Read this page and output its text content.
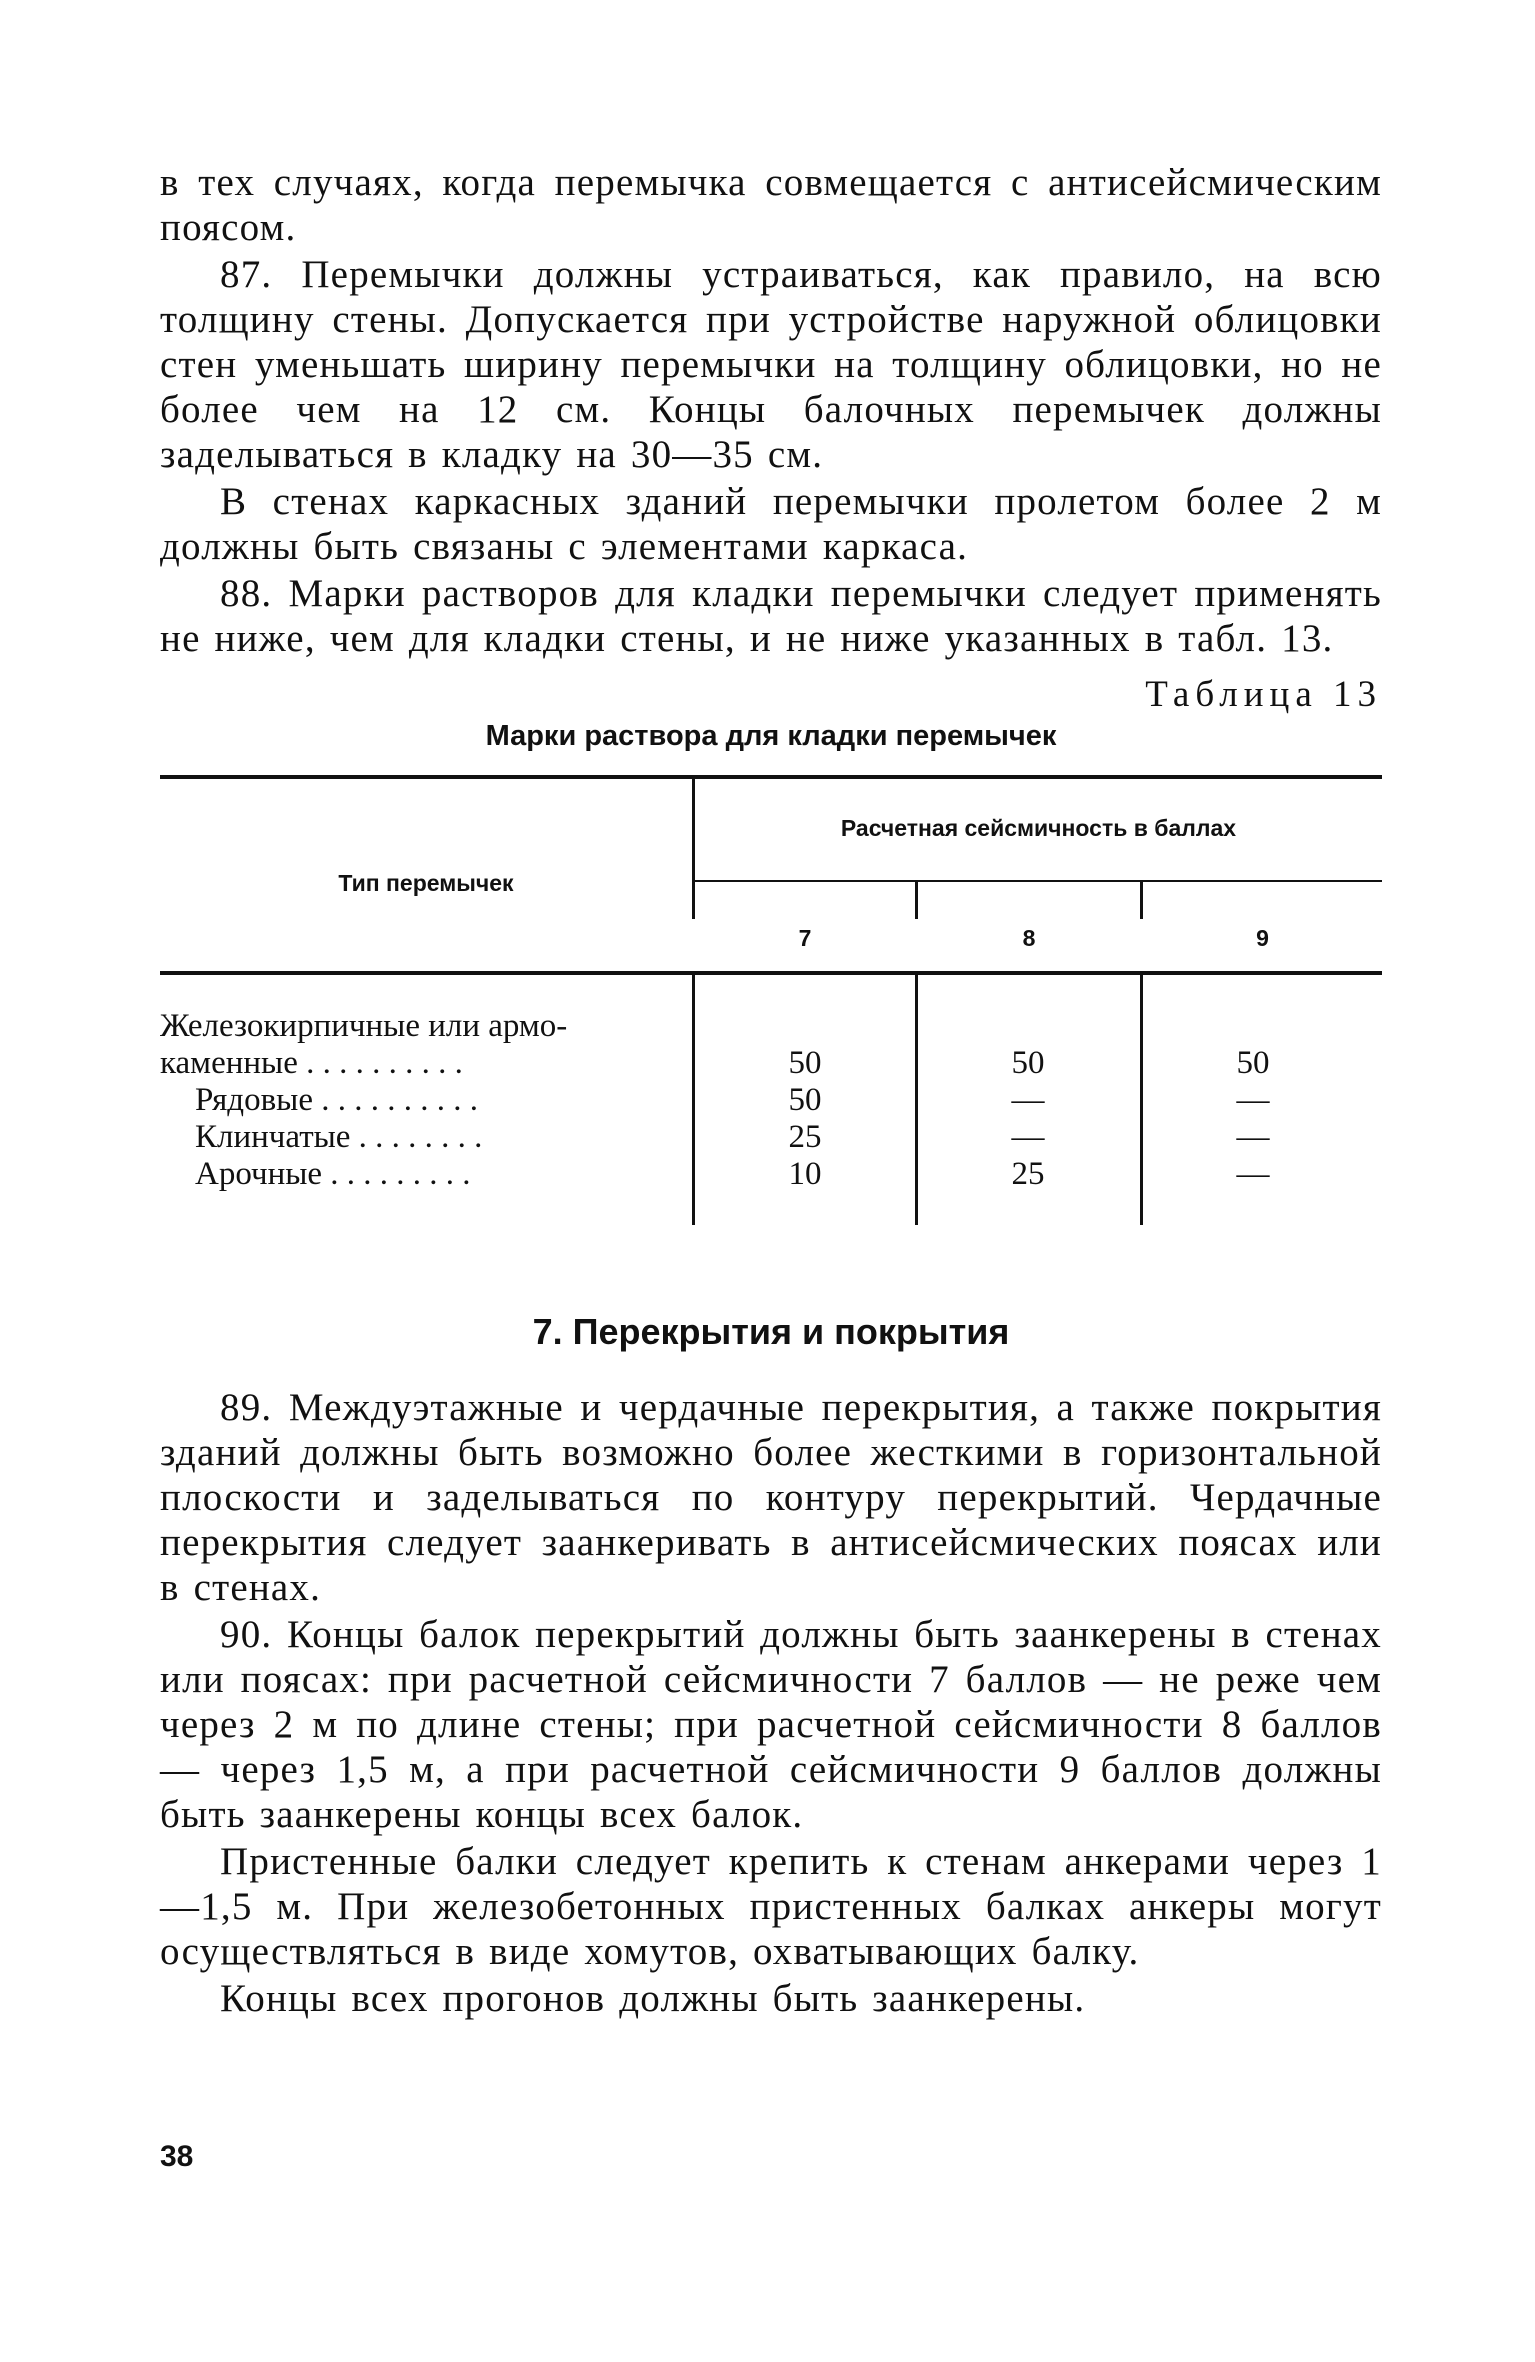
в тех случаях, когда перемычка совмещается с антисейсмическим поясом.

87. Перемычки должны устраиваться, как правило, на всю толщину стены. Допускается при устройстве наружной облицовки стен уменьшать ширину перемычки на толщину облицовки, но не более чем на 12 см. Концы балочных перемычек должны заделываться в кладку на 30—35 см.

В стенах каркасных зданий перемычки пролетом более 2 м должны быть связаны с элементами каркаса.

88. Марки растворов для кладки перемычки следует применять не ниже, чем для кладки стены, и не ниже указанных в табл. 13.

Таблица 13
Марки раствора для кладки перемычек
Тип перемычек
Расчетная сейсмичность в баллах
7	8	9
Железокирпичные или армо-
каменные . . . . . . . . . .	50	50	50
Рядовые . . . . . . . . . .	50	—	—
Клинчатые . . . . . . . .	25	—	—
Арочные . . . . . . . . .	10	25	—
7. Перекрытия и покрытия

89. Междуэтажные и чердачные перекрытия, а также покрытия зданий должны быть возможно более жесткими в горизонтальной плоскости и заделываться по контуру перекрытий. Чердачные перекрытия следует заанкеривать в антисейсмических поясах или в стенах.

90. Концы балок перекрытий должны быть заанкерены в стенах или поясах: при расчетной сейсмичности 7 баллов — не реже чем через 2 м по длине стены; при расчетной сейсмичности 8 баллов — через 1,5 м, а при расчетной сейсмичности 9 баллов должны быть заанкерены концы всех балок.

Пристенные балки следует крепить к стенам анкерами через 1—1,5 м. При железобетонных пристенных балках анкеры могут осуществляться в виде хомутов, охватывающих балку.

Концы всех прогонов должны быть заанкерены.

38
